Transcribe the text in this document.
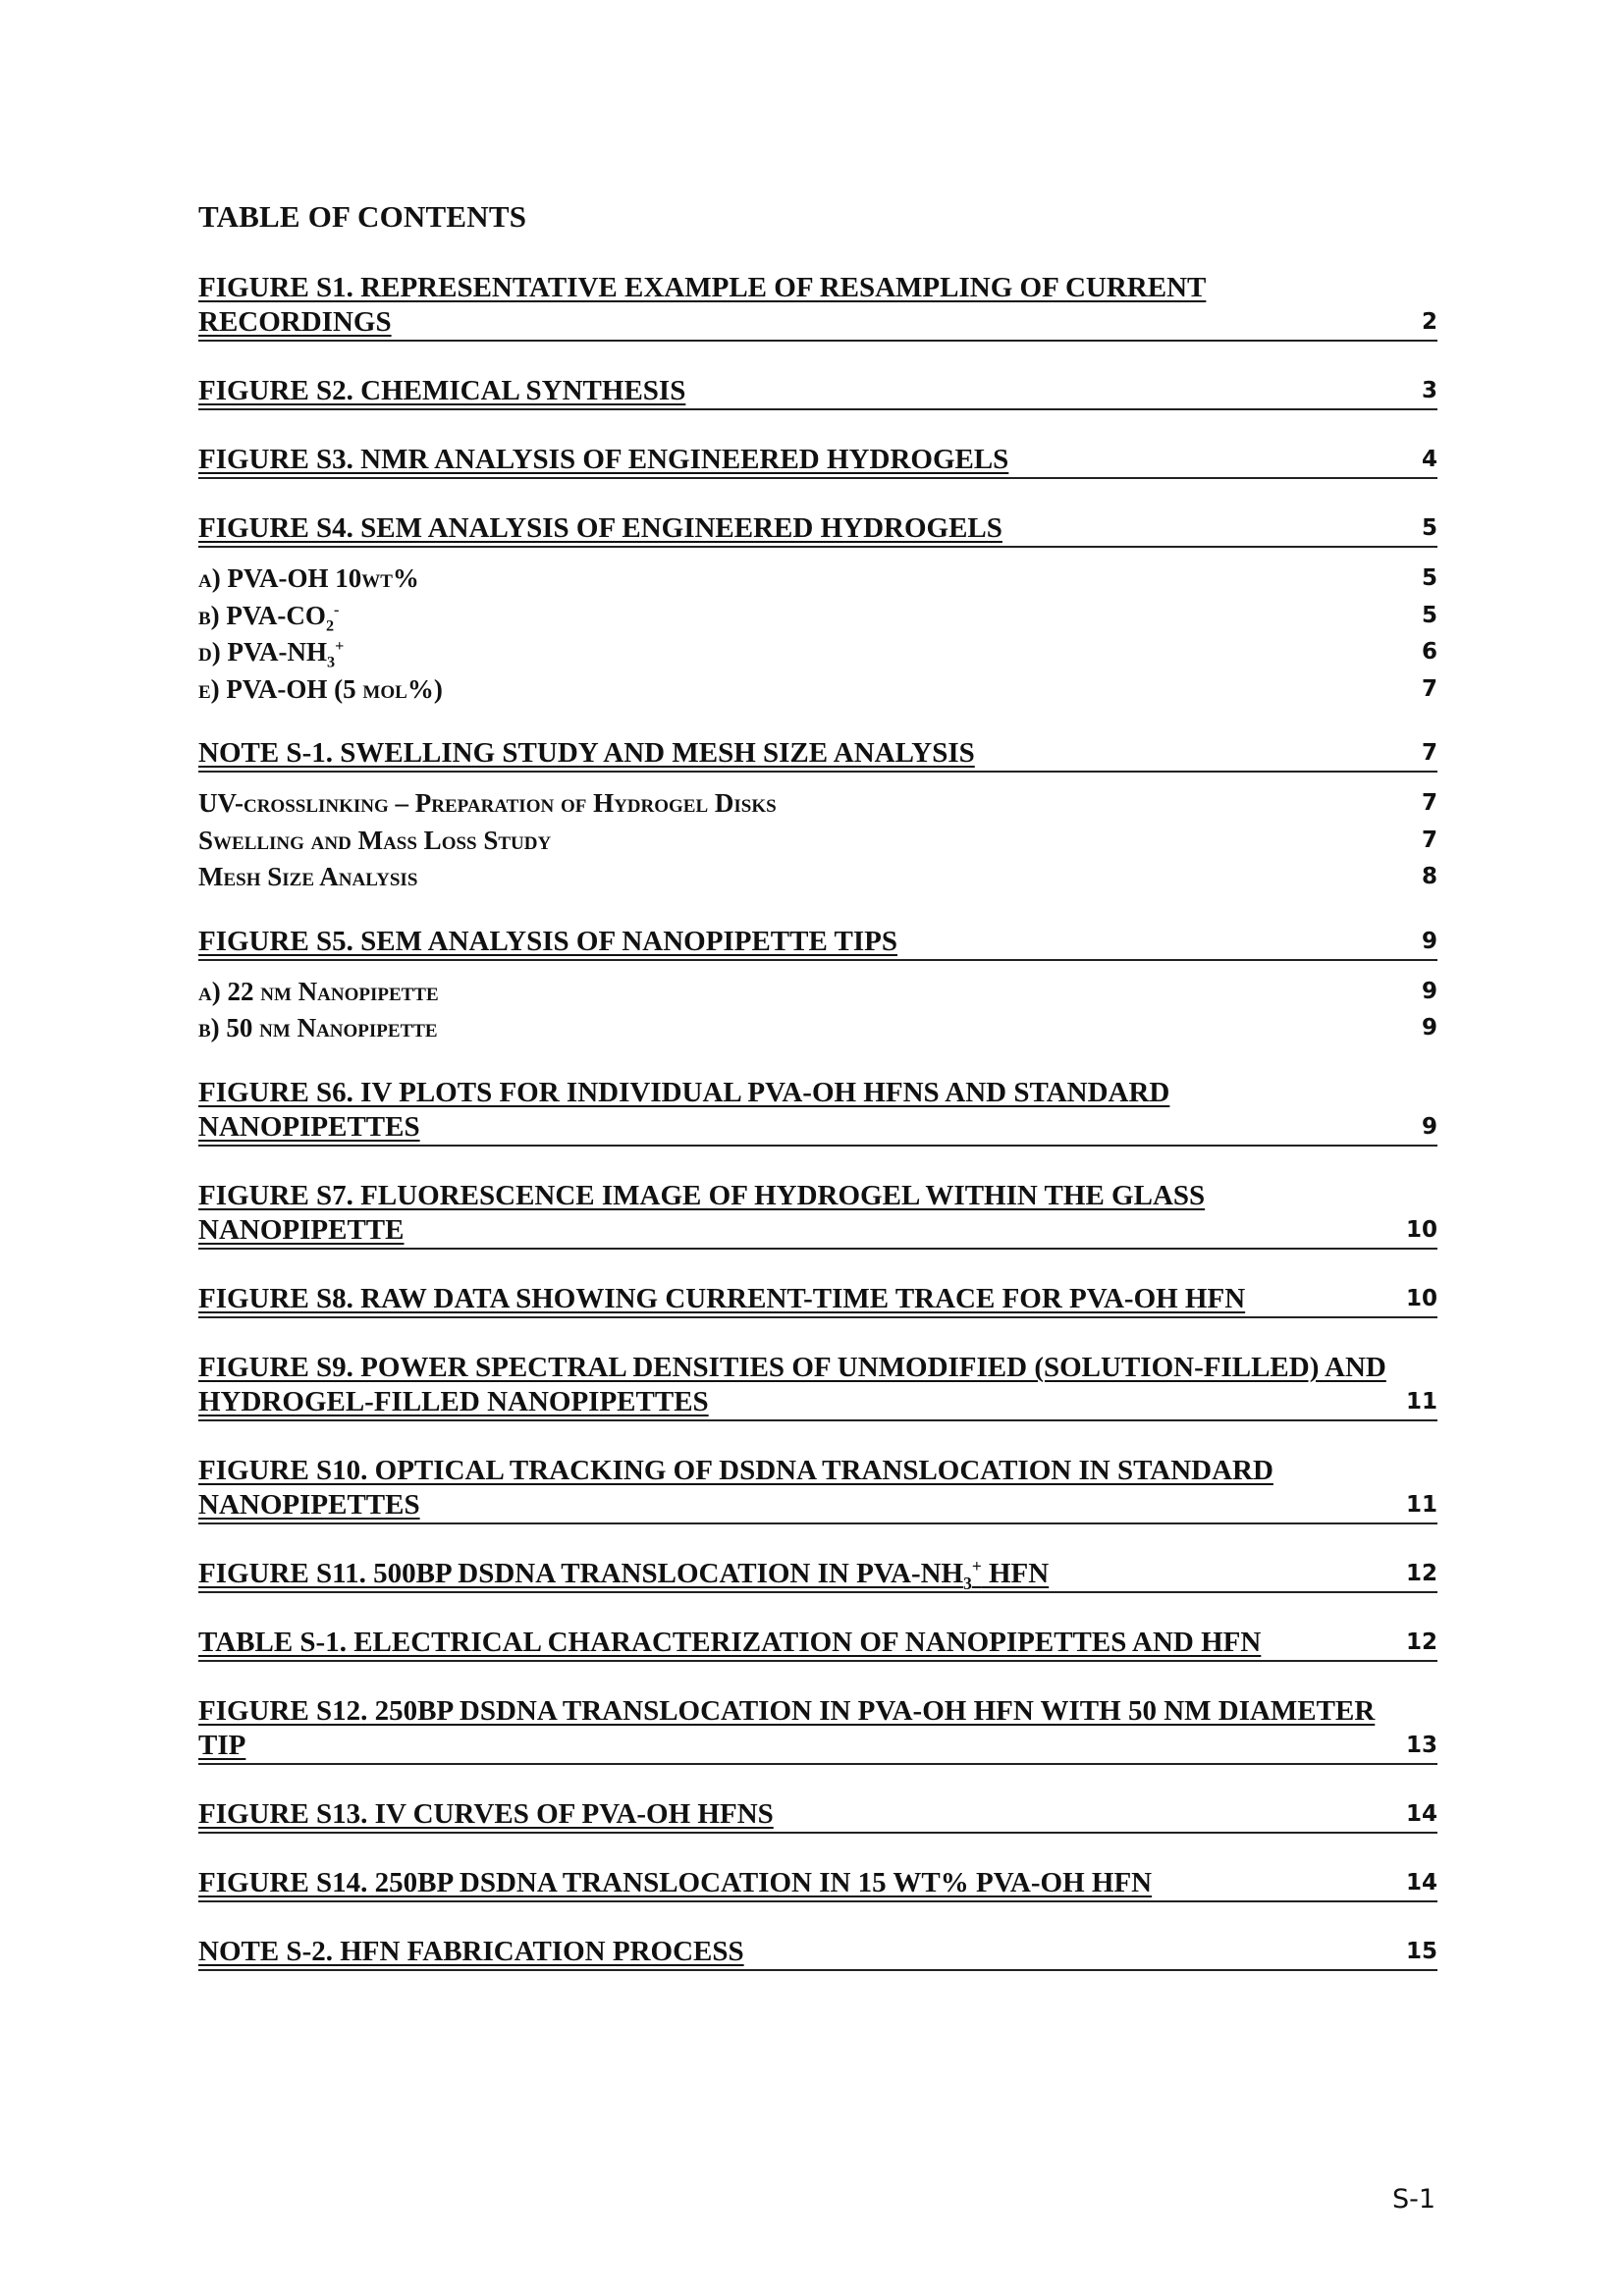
TABLE OF CONTENTS
FIGURE S1. REPRESENTATIVE EXAMPLE OF RESAMPLING OF CURRENT RECORDINGS	2
FIGURE S2. CHEMICAL SYNTHESIS	3
FIGURE S3. NMR ANALYSIS OF ENGINEERED HYDROGELS	4
FIGURE S4. SEM ANALYSIS OF ENGINEERED HYDROGELS	5
a) PVA-OH 10wt%	5
b) PVA-$CO_2^-$	5
d) PVA-$NH_3^+$	6
e) PVA-OH (5 mol%)	7
NOTE S-1. SWELLING STUDY AND MESH SIZE ANALYSIS	7
UV-crosslinking – Preparation of Hydrogel Disks	7
Swelling and Mass Loss Study	7
Mesh Size Analysis	8
FIGURE S5. SEM ANALYSIS OF NANOPIPETTE TIPS	9
a) 22 nm Nanopipette	9
b) 50 nm Nanopipette	9
FIGURE S6. IV PLOTS FOR INDIVIDUAL PVA-OH HFNS AND STANDARD NANOPIPETTES	9
FIGURE S7. FLUORESCENCE IMAGE OF HYDROGEL WITHIN THE GLASS NANOPIPETTE	10
FIGURE S8. RAW DATA SHOWING CURRENT-TIME TRACE FOR PVA-OH HFN	10
FIGURE S9. POWER SPECTRAL DENSITIES OF UNMODIFIED (SOLUTION-FILLED) AND HYDROGEL-FILLED NANOPIPETTES	11
FIGURE S10. OPTICAL TRACKING OF DSDNA TRANSLOCATION IN STANDARD NANOPIPETTES	11
FIGURE S11. 500BP DSDNA TRANSLOCATION IN PVA-$NH_3^+$ HFN	12
TABLE S-1. ELECTRICAL CHARACTERIZATION OF NANOPIPETTES AND HFN	12
FIGURE S12. 250BP DSDNA TRANSLOCATION IN PVA-OH HFN WITH 50 NM DIAMETER TIP	13
FIGURE S13. IV CURVES OF PVA-OH HFNS	14
FIGURE S14. 250BP DSDNA TRANSLOCATION IN 15 WT% PVA-OH HFN	14
NOTE S-2. HFN FABRICATION PROCESS	15

S-1
